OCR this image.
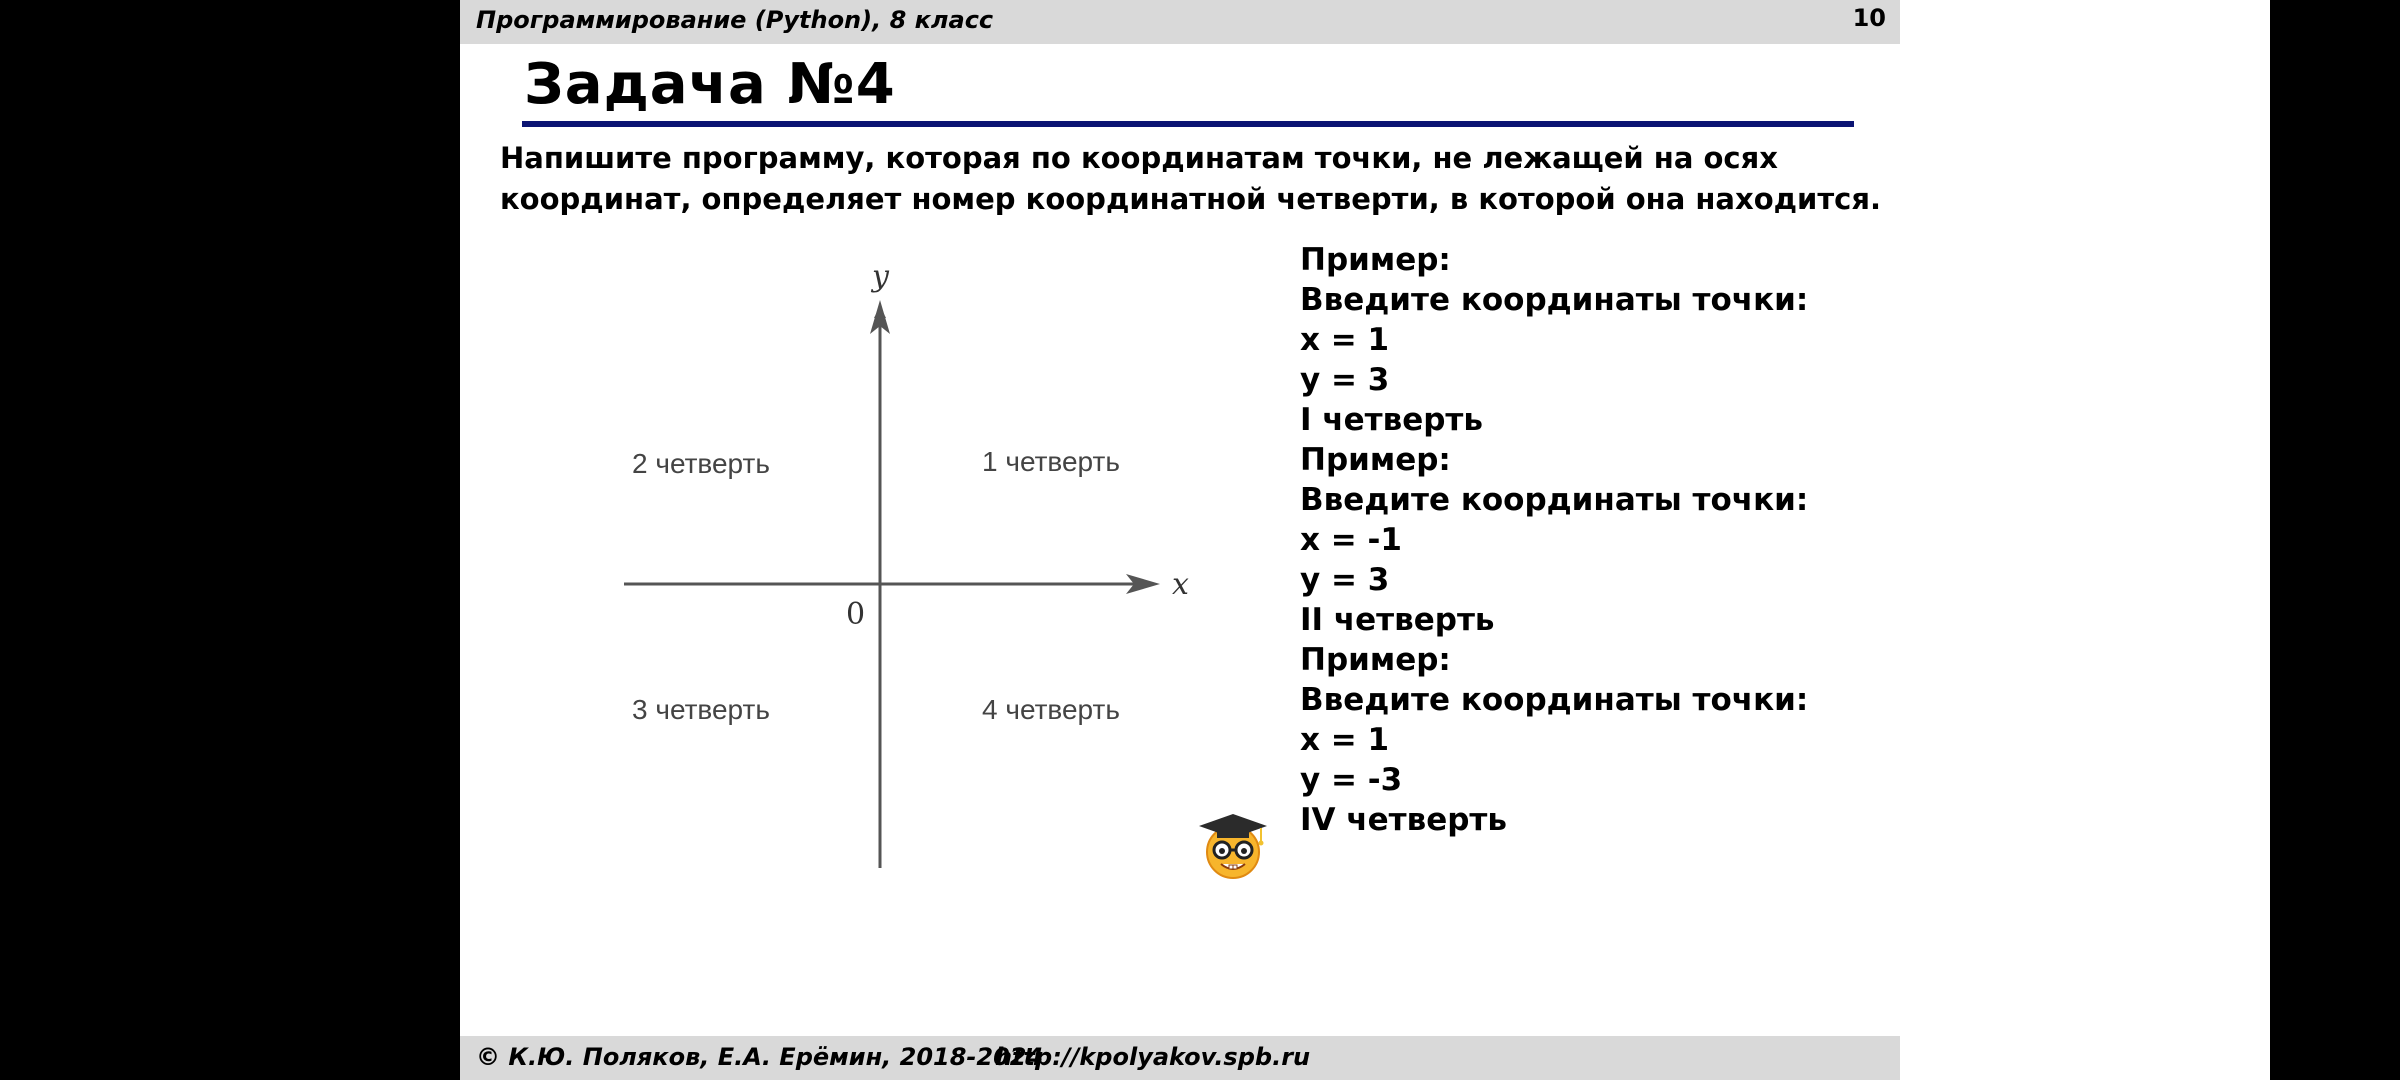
Программирование (Python), 8 класс	10
Задача №4
Напишите программу, которая по координатам точки, не лежащей на осях
координат, определяет номер координатной четверти, в которой она находится.
y
x
0
2 четверть	1 четверть
3 четверть	4 четверть
Пример:
Введите координаты точки:
x = 1
y = 3
I четверть
Пример:
Введите координаты точки:
x = -1
y = 3
II четверть
Пример:
Введите координаты точки:
x = 1
y = -3
IV четверть
© К.Ю. Поляков, Е.А. Ерёмин, 2018-2024
http://kpolyakov.spb.ru
